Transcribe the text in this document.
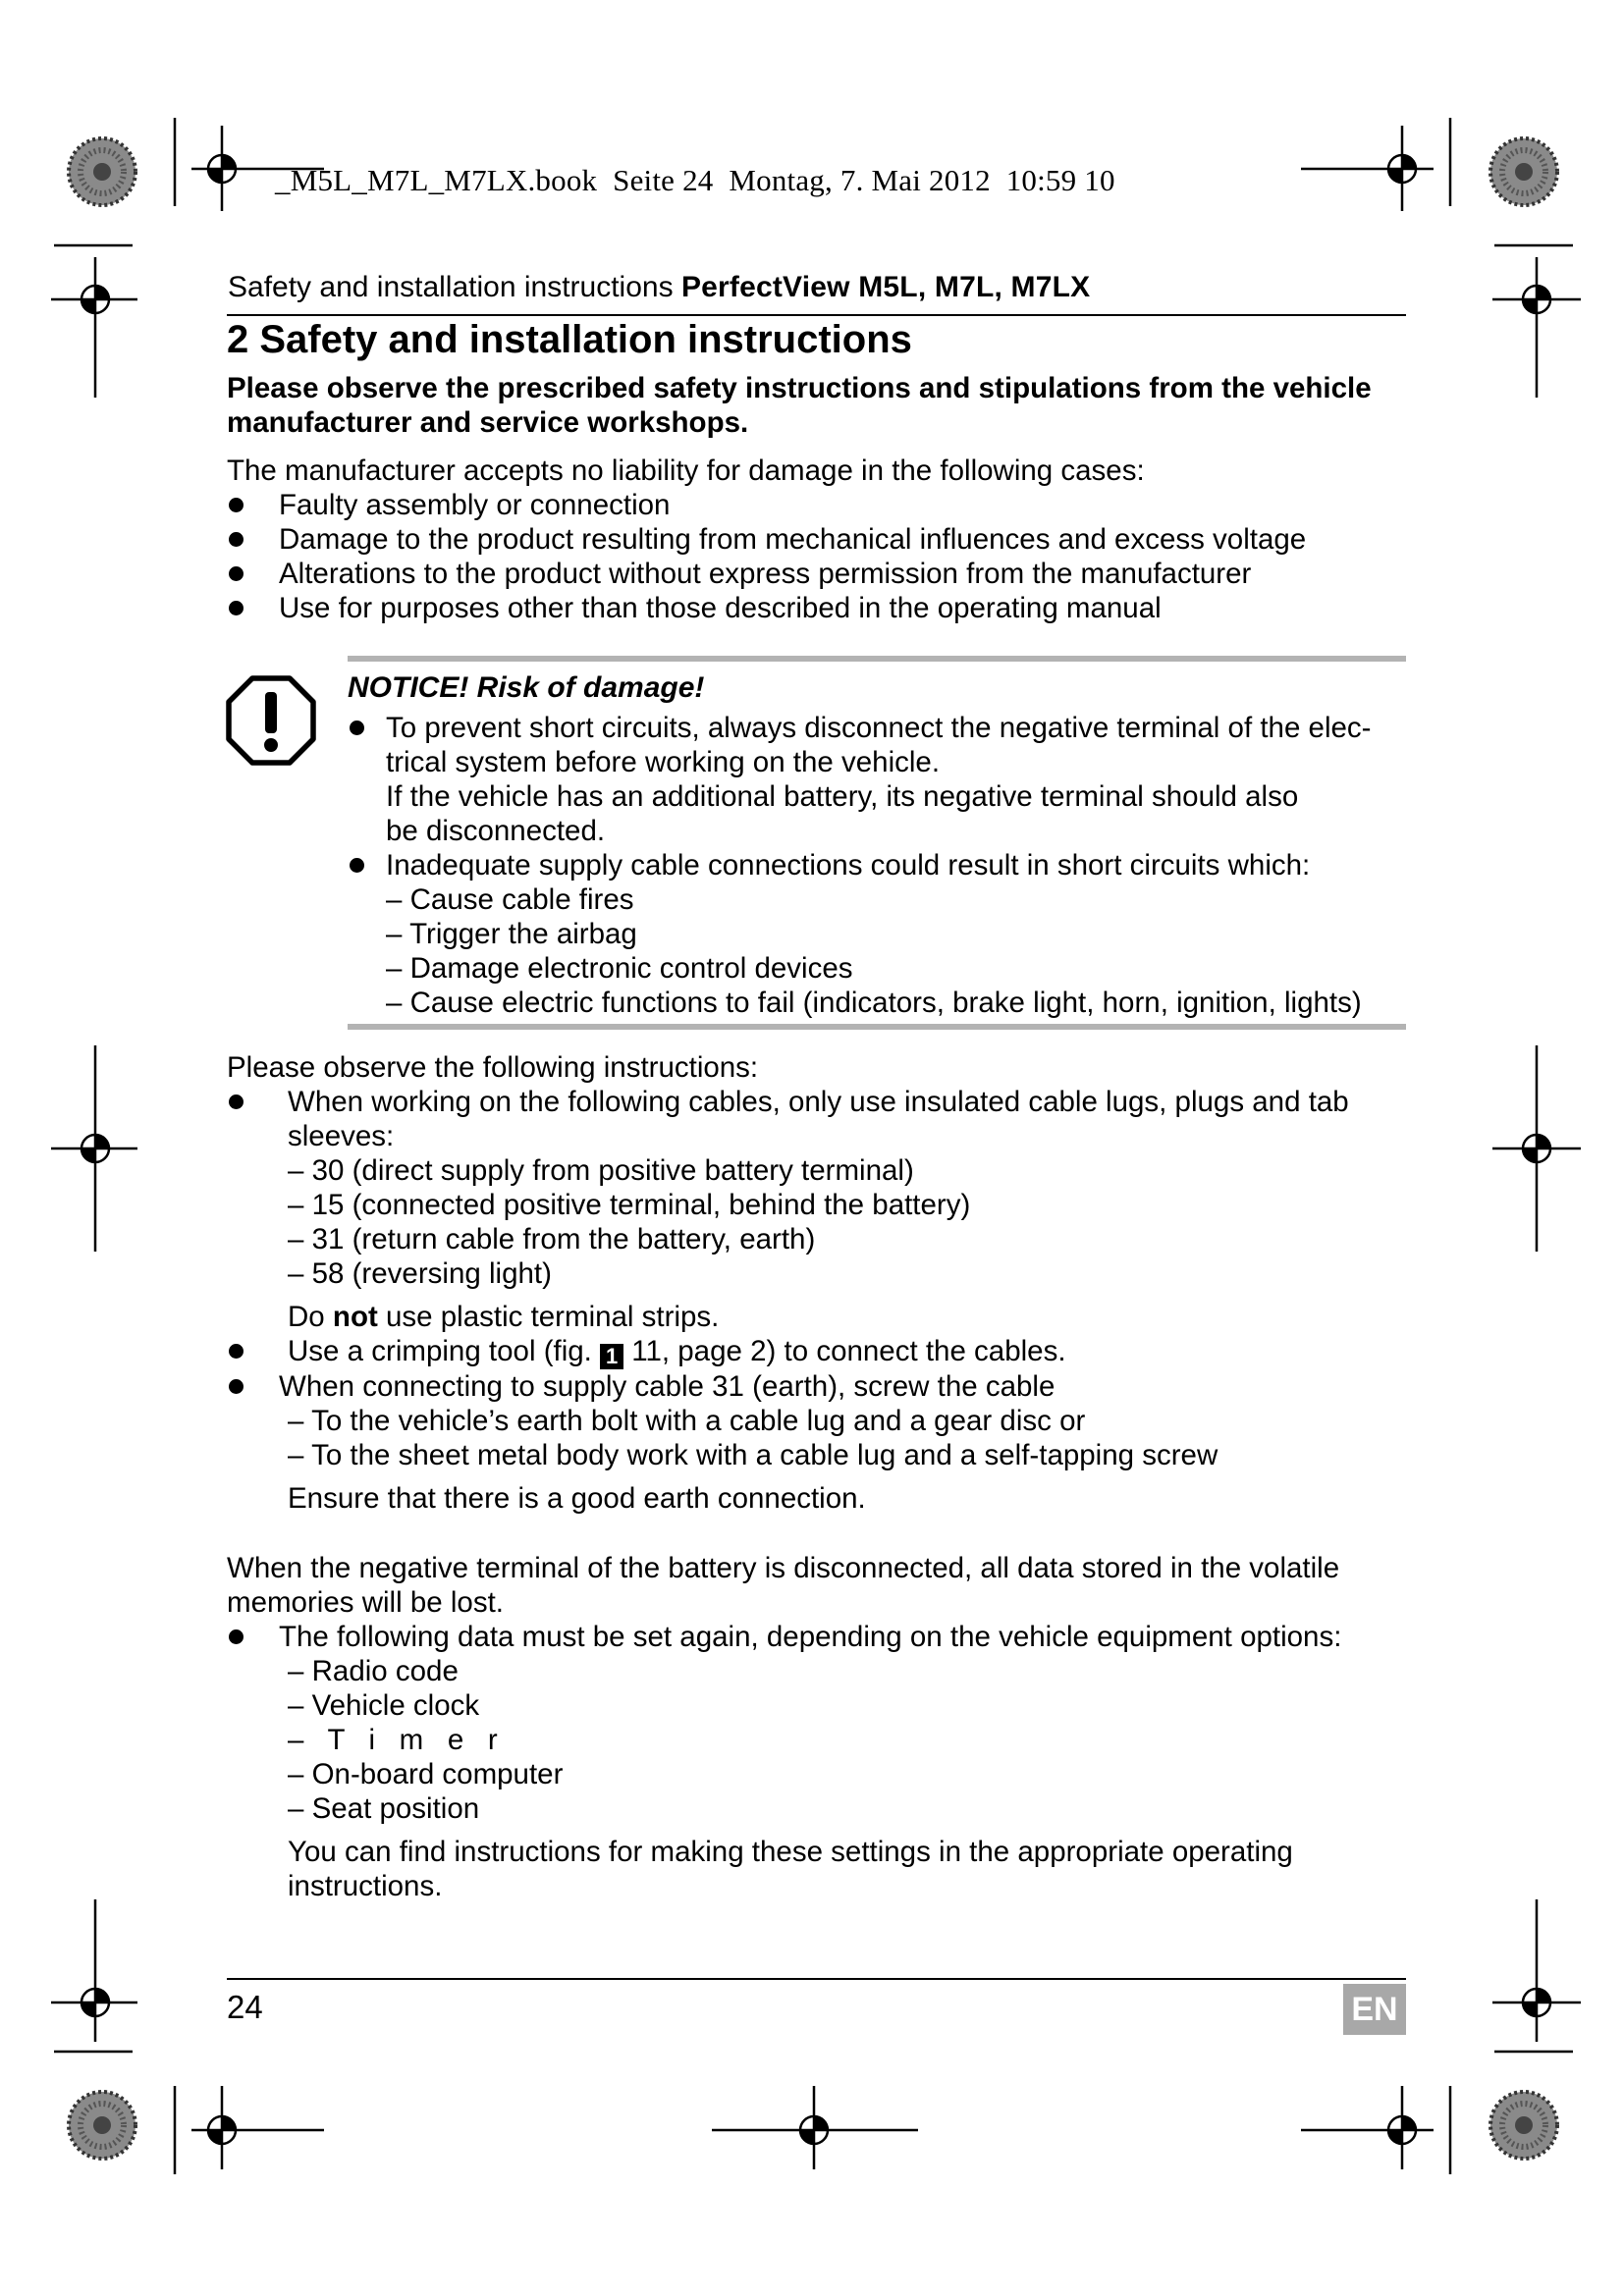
_M5L_M7L_M7LX.book  Seite 24  Montag, 7. Mai 2012  10:59 10
Safety and installation instructions PerfectView M5L, M7L, M7LX
2 Safety and installation instructions
Please observe the prescribed safety instructions and stipulations from the vehicle manufacturer and service workshops.
The manufacturer accepts no liability for damage in the following cases:
Faulty assembly or connection
Damage to the product resulting from mechanical influences and excess voltage
Alterations to the product without express permission from the manufacturer
Use for purposes other than those described in the operating manual
NOTICE! Risk of damage!
To prevent short circuits, always disconnect the negative terminal of the elec-
trical system before working on the vehicle.
If the vehicle has an additional battery, its negative terminal should also
be disconnected.
Inadequate supply cable connections could result in short circuits which:
– Cause cable fires
– Trigger the airbag
– Damage electronic control devices
– Cause electric functions to fail (indicators, brake light, horn, ignition, lights)
Please observe the following instructions:
When working on the following cables, only use insulated cable lugs, plugs and tab
sleeves:
– 30 (direct supply from positive battery terminal)
– 15 (connected positive terminal, behind the battery)
– 31 (return cable from the battery, earth)
– 58 (reversing light)
Do not use plastic terminal strips.
Use a crimping tool (fig. 1 11, page 2) to connect the cables.
When connecting to supply cable 31 (earth), screw the cable
– To the vehicle’s earth bolt with a cable lug and a gear disc or
– To the sheet metal body work with a cable lug and a self-tapping screw
Ensure that there is a good earth connection.
When the negative terminal of the battery is disconnected, all data stored in the volatile
memories will be lost.
The following data must be set again, depending on the vehicle equipment options:
– Radio code
– Vehicle clock
–   T   i   m   e   r
– On-board computer
– Seat position
You can find instructions for making these settings in the appropriate operating
instructions.
24	EN
